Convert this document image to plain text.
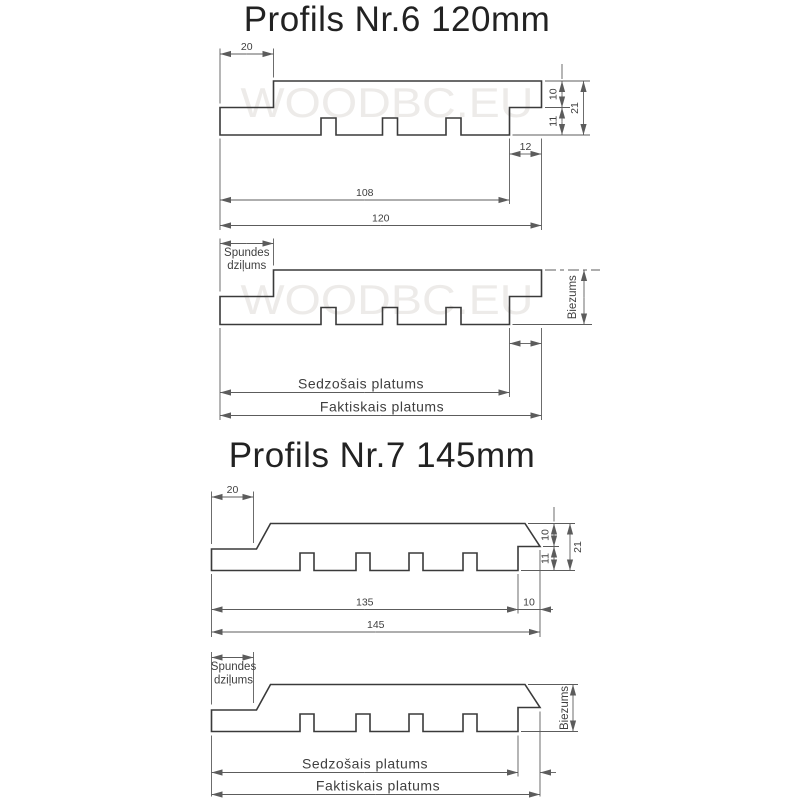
WOODBC.EU
WOODBC.EU
Profils Nr.6 120mm
Profils Nr.7 145mm
20
10
11
21
12
108
120
Spundes
dziļums
Biezums
Sedzošais platums
Faktiskais platums
20
10
11
21
135	10
145
Spundes
dziļums
Biezums
Sedzošais platums
Faktiskais platums
